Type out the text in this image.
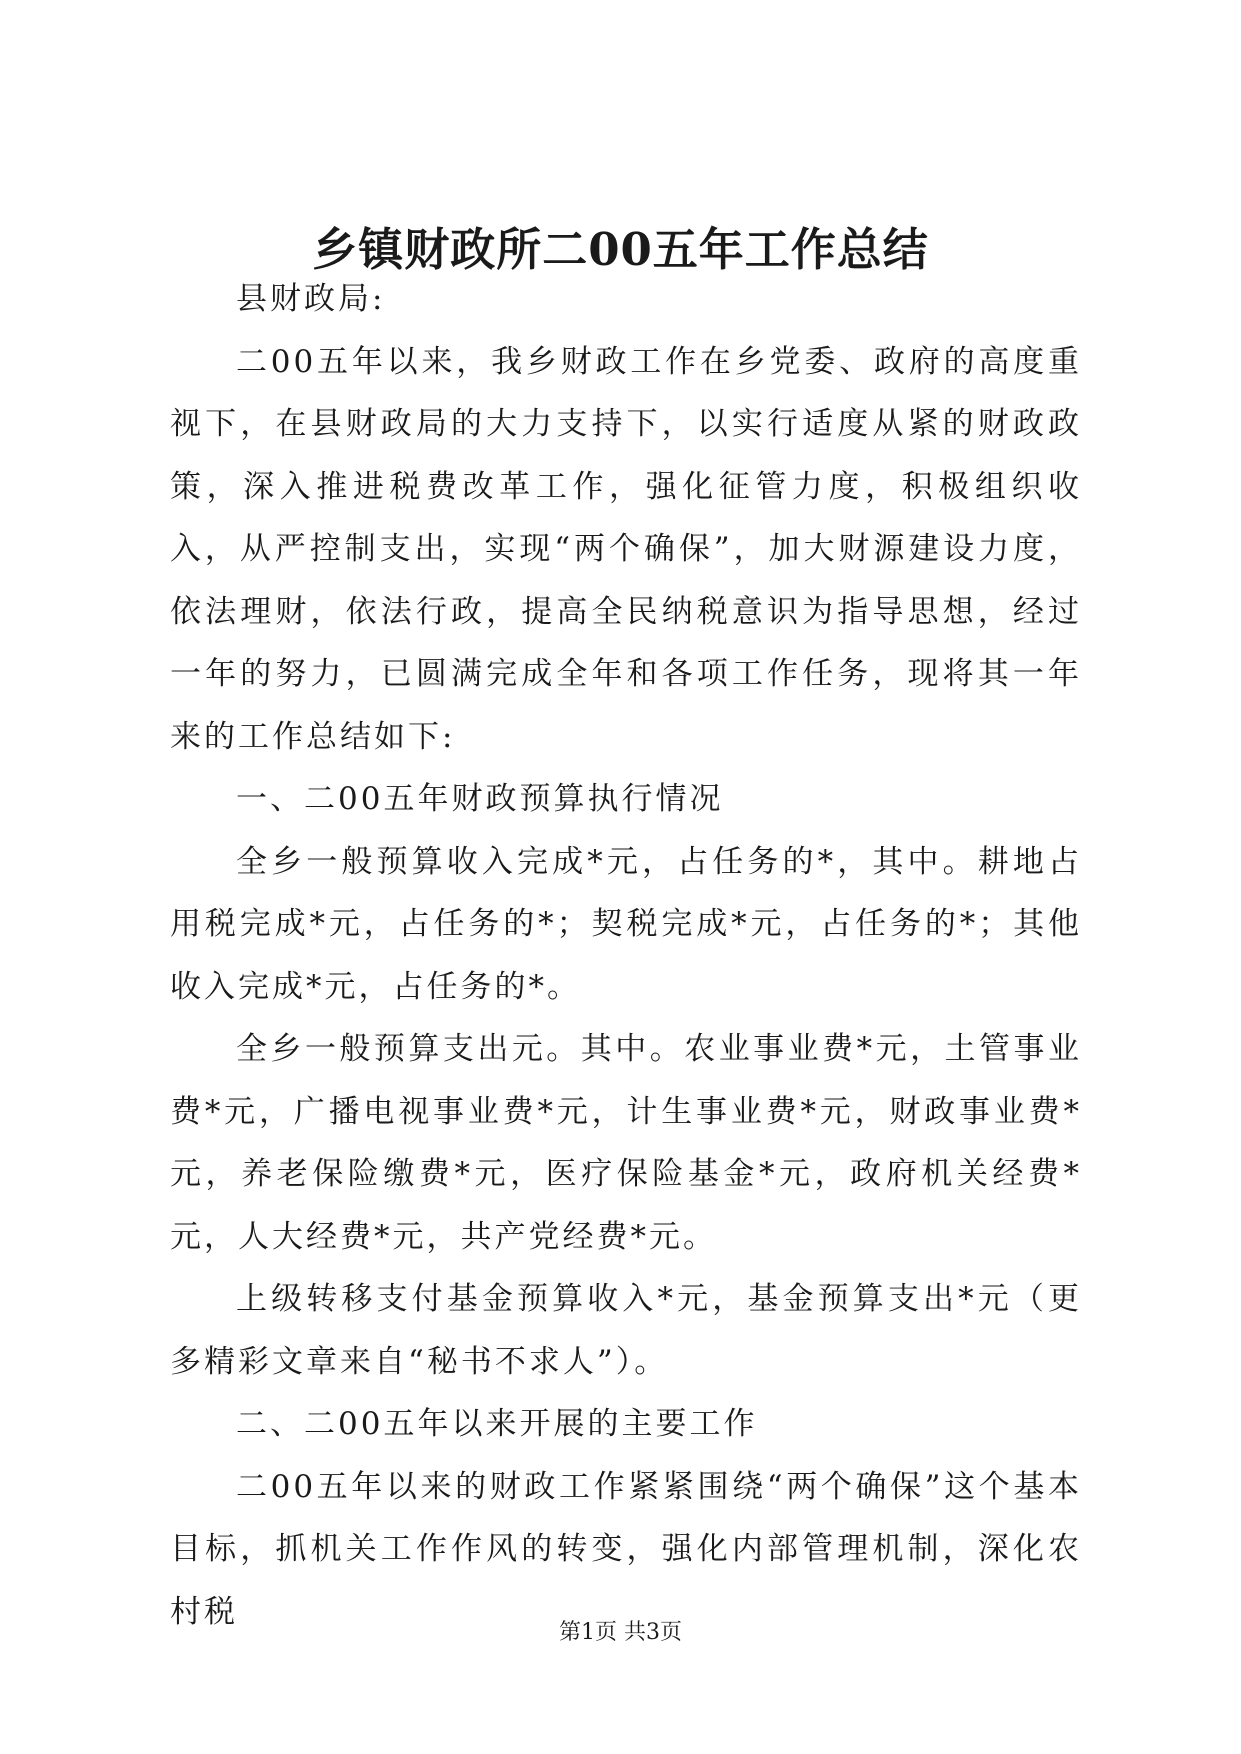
乡镇财政所二00五年工作总结

县财政局:

二00五年以来，我乡财政工作在乡党委、政府的高度重视下，在县财政局的大力支持下，以实行适度从紧的财政政策，深入推进税费改革工作，强化征管力度，积极组织收入，从严控制支出，实现“两个确保”，加大财源建设力度，依法理财，依法行政，提高全民纳税意识为指导思想，经过一年的努力，已圆满完成全年和各项工作任务，现将其一年来的工作总结如下:

一、二00五年财政预算执行情况

全乡一般预算收入完成*元，占任务的*，其中。耕地占用税完成*元，占任务的*；契税完成*元，占任务的*；其他收入完成*元，占任务的*。

全乡一般预算支出元。其中。农业事业费*元，土管事业费*元，广播电视事业费*元，计生事业费*元，财政事业费*元，养老保险缴费*元，医疗保险基金*元，政府机关经费*元，人大经费*元，共产党经费*元。

上级转移支付基金预算收入*元，基金预算支出*元（更多精彩文章来自“秘书不求人”）。

二、二00五年以来开展的主要工作

二00五年以来的财政工作紧紧围绕“两个确保”这个基本目标，抓机关工作作风的转变，强化内部管理机制，深化农村税

第1页 共3页
